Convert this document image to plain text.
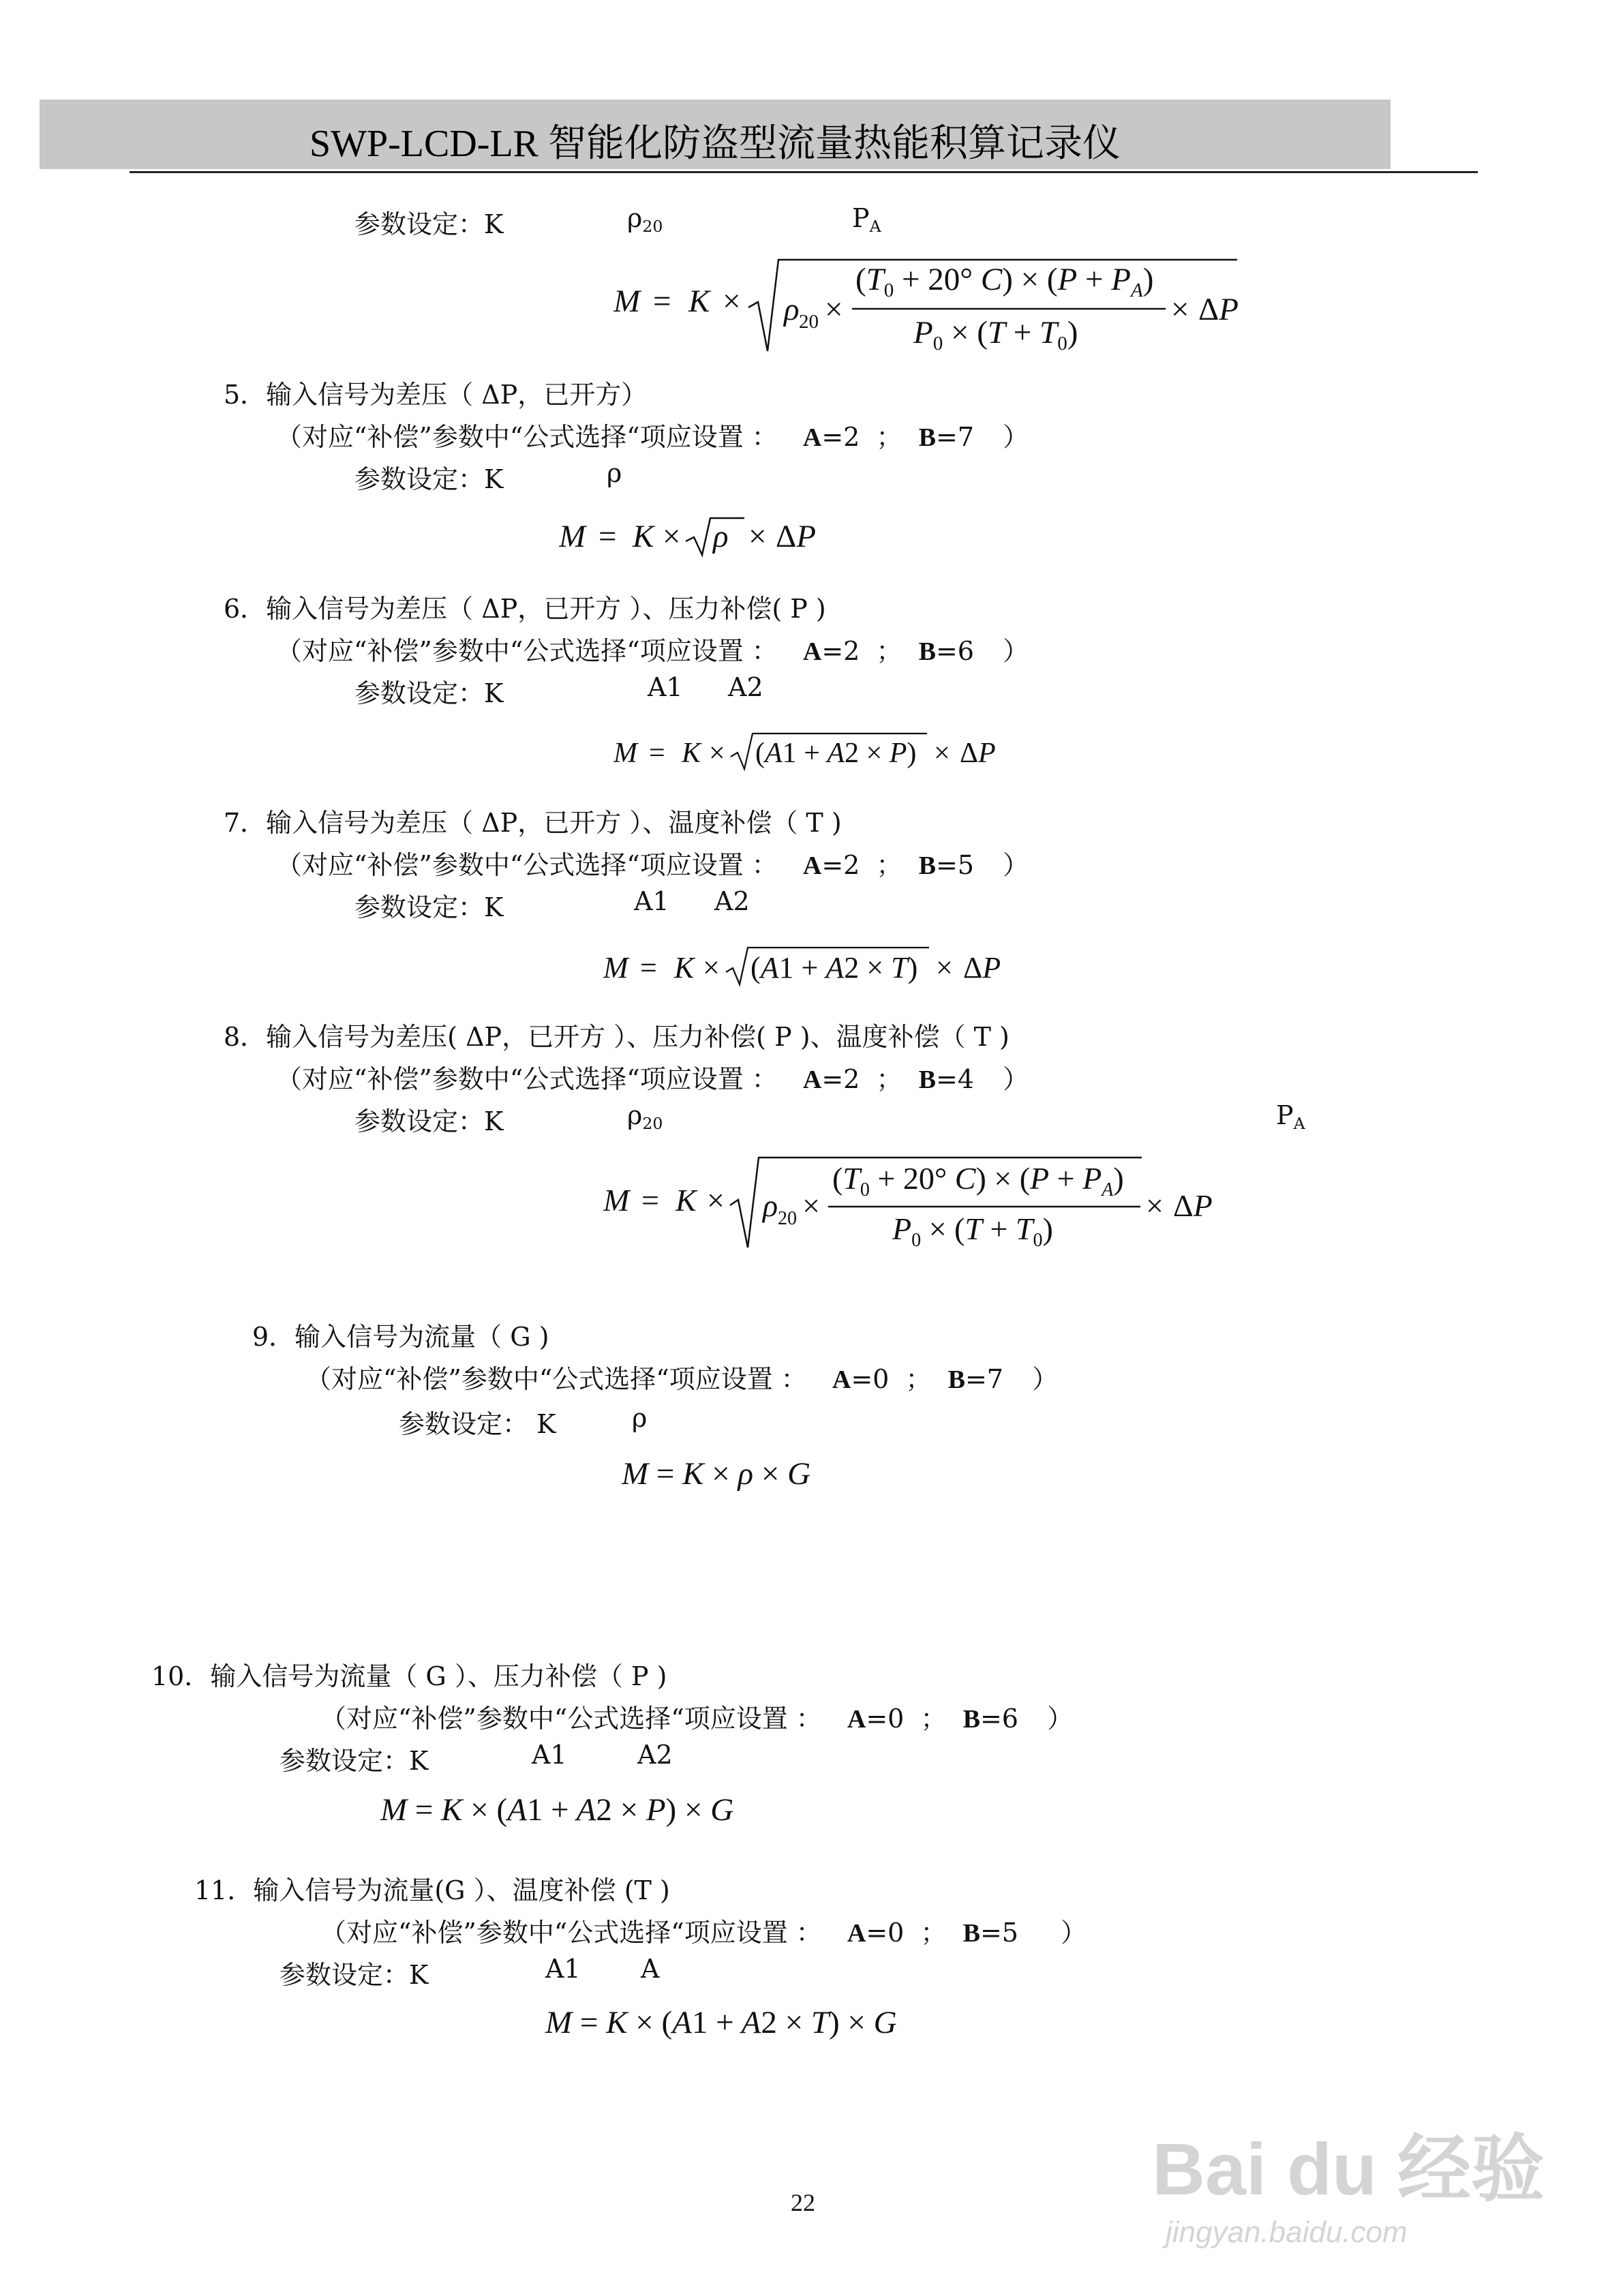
SWP-LCD-LR 智能化防盗型流量热能积算记录仪
参数设定：K	$\rho_{20}$	$P_A$
M = K × ρ 20 ×
($T_0 + 20^\circ$ $C) \times (P + P_A)$
$P_0 \times (T + T_0)$
× ΔP
5．输入信号为差压（ ΔP，已开方）
（对应“补偿”参数中“公式选择“项应设置 ： A=2 ； B=7 ）
参数设定：K	ρ
M = K × ρ × ΔP
6．输入信号为差压（ ΔP，已开方 ）、压力补偿( P )
（对应“补偿”参数中“公式选择“项应设置 ： A=2 ； B=6 ）
参数设定：K	A1 A2
M = K × (A1 + A2 × P) × ΔP
7．输入信号为差压（ ΔP，已开方 ）、温度补偿（ T )
（对应“补偿”参数中“公式选择“项应设置 ： A=2 ； B=5 ）
参数设定：K	A1 A2
M = K × (A1 + A2 × T) × ΔP
8．输入信号为差压( ΔP，已开方 ）、压力补偿( P )、温度补偿（ T )
（对应“补偿”参数中“公式选择“项应设置 ： A=2 ； B=4 ）
参数设定：K	$\rho_{20}$	$P_A$
M = K × ρ 20 ×
($T_0 + 20^\circ$ $C) \times (P + P_A)$
$P_0 \times (T + T_0)$
× ΔP
9．输入信号为流量（ G )
（对应“补偿”参数中“公式选择“项应设置 ： A=0 ； B=7 ）
参数设定： K	ρ
M = K × ρ × G
10．输入信号为流量（ G ）、压力补偿（ P )
（对应“补偿”参数中“公式选择“项应设置 ： A=0 ； B=6 ）
参数设定：K	A1	A2
M = K × (A1 + A2 × P) × G
11．输入信号为流量(G ）、温度补偿 (T )
（对应“补偿”参数中“公式选择“项应设置 ： A=0 ； B=5 ）
参数设定：K	A1 A
M = K × (A1 + A2 × T) × G
22	Bai du 经验
jingyan.baidu.com
